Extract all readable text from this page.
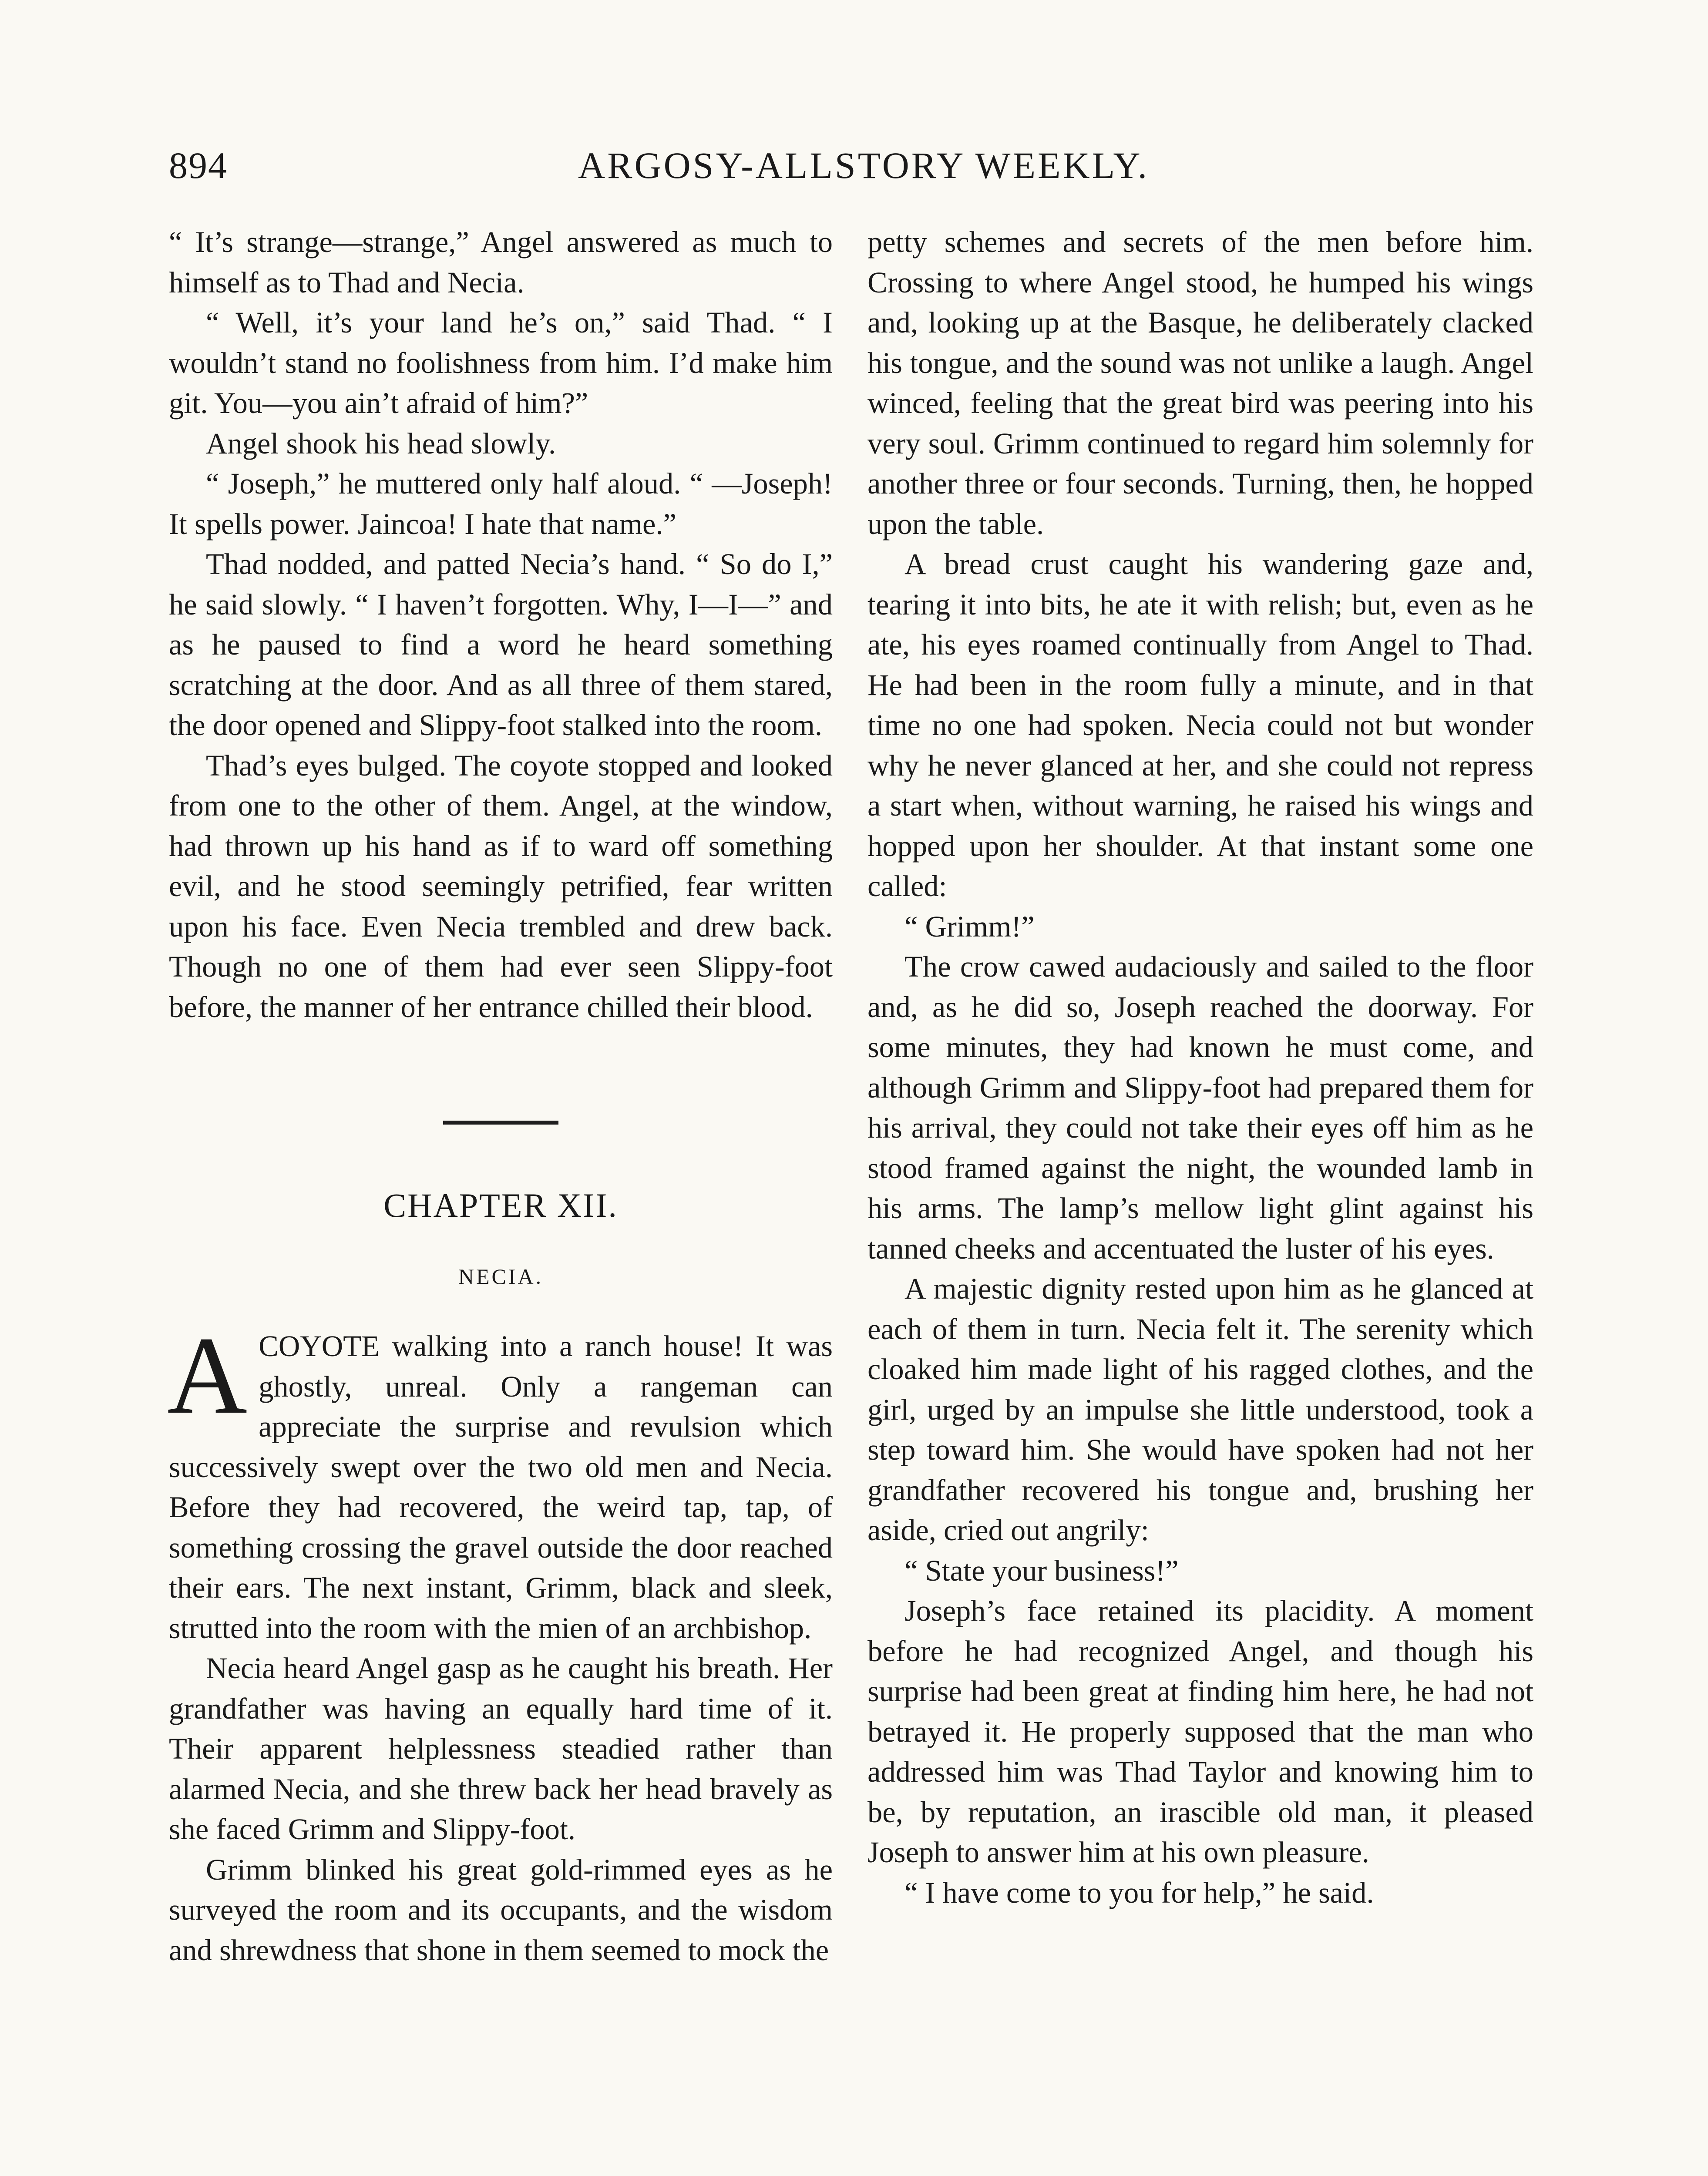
894	ARGOSY-ALLSTORY WEEKLY.

“ It’s strange—strange,” Angel answered as much to himself as to Thad and Necia.

“ Well, it’s your land he’s on,” said Thad. “ I wouldn’t stand no foolishness from him. I’d make him git. You—you ain’t afraid of him?”

Angel shook his head slowly.

“ Joseph,” he muttered only half aloud. “ —Joseph! It spells power. Jaincoa! I hate that name.”

Thad nodded, and patted Necia’s hand. “ So do I,” he said slowly. “ I haven’t forgotten. Why, I—I—” and as he paused to find a word he heard something scratching at the door. And as all three of them stared, the door opened and Slippy-foot stalked into the room.

Thad’s eyes bulged. The coyote stopped and looked from one to the other of them. Angel, at the window, had thrown up his hand as if to ward off something evil, and he stood seemingly petrified, fear written upon his face. Even Necia trembled and drew back. Though no one of them had ever seen Slippy-foot before, the manner of her entrance chilled their blood.

CHAPTER XII.
NECIA.

ACOYOTE walking into a ranch house! It was ghostly, unreal. Only a rangeman can appreciate the surprise and revulsion which successively swept over the two old men and Necia. Before they had recovered, the weird tap, tap, of something crossing the gravel outside the door reached their ears. The next instant, Grimm, black and sleek, strutted into the room with the mien of an archbishop.

Necia heard Angel gasp as he caught his breath. Her grandfather was having an equally hard time of it. Their apparent helplessness steadied rather than alarmed Necia, and she threw back her head bravely as she faced Grimm and Slippy-foot.

Grimm blinked his great gold-rimmed eyes as he surveyed the room and its occupants, and the wisdom and shrewdness that shone in them seemed to mock the

petty schemes and secrets of the men before him. Crossing to where Angel stood, he humped his wings and, looking up at the Basque, he deliberately clacked his tongue, and the sound was not unlike a laugh. Angel winced, feeling that the great bird was peering into his very soul. Grimm continued to regard him solemnly for another three or four seconds. Turning, then, he hopped upon the table.

A bread crust caught his wandering gaze and, tearing it into bits, he ate it with relish; but, even as he ate, his eyes roamed continually from Angel to Thad. He had been in the room fully a minute, and in that time no one had spoken. Necia could not but wonder why he never glanced at her, and she could not repress a start when, without warning, he raised his wings and hopped upon her shoulder. At that instant some one called:

“ Grimm!”

The crow cawed audaciously and sailed to the floor and, as he did so, Joseph reached the doorway. For some minutes, they had known he must come, and although Grimm and Slippy-foot had prepared them for his arrival, they could not take their eyes off him as he stood framed against the night, the wounded lamb in his arms. The lamp’s mellow light glint against his tanned cheeks and accentuated the luster of his eyes.

A majestic dignity rested upon him as he glanced at each of them in turn. Necia felt it. The serenity which cloaked him made light of his ragged clothes, and the girl, urged by an impulse she little understood, took a step toward him. She would have spoken had not her grandfather recovered his tongue and, brushing her aside, cried out angrily:

“ State your business!”

Joseph’s face retained its placidity. A moment before he had recognized Angel, and though his surprise had been great at finding him here, he had not betrayed it. He properly supposed that the man who addressed him was Thad Taylor and knowing him to be, by reputation, an irascible old man, it pleased Joseph to answer him at his own pleasure.

“ I have come to you for help,” he said.
